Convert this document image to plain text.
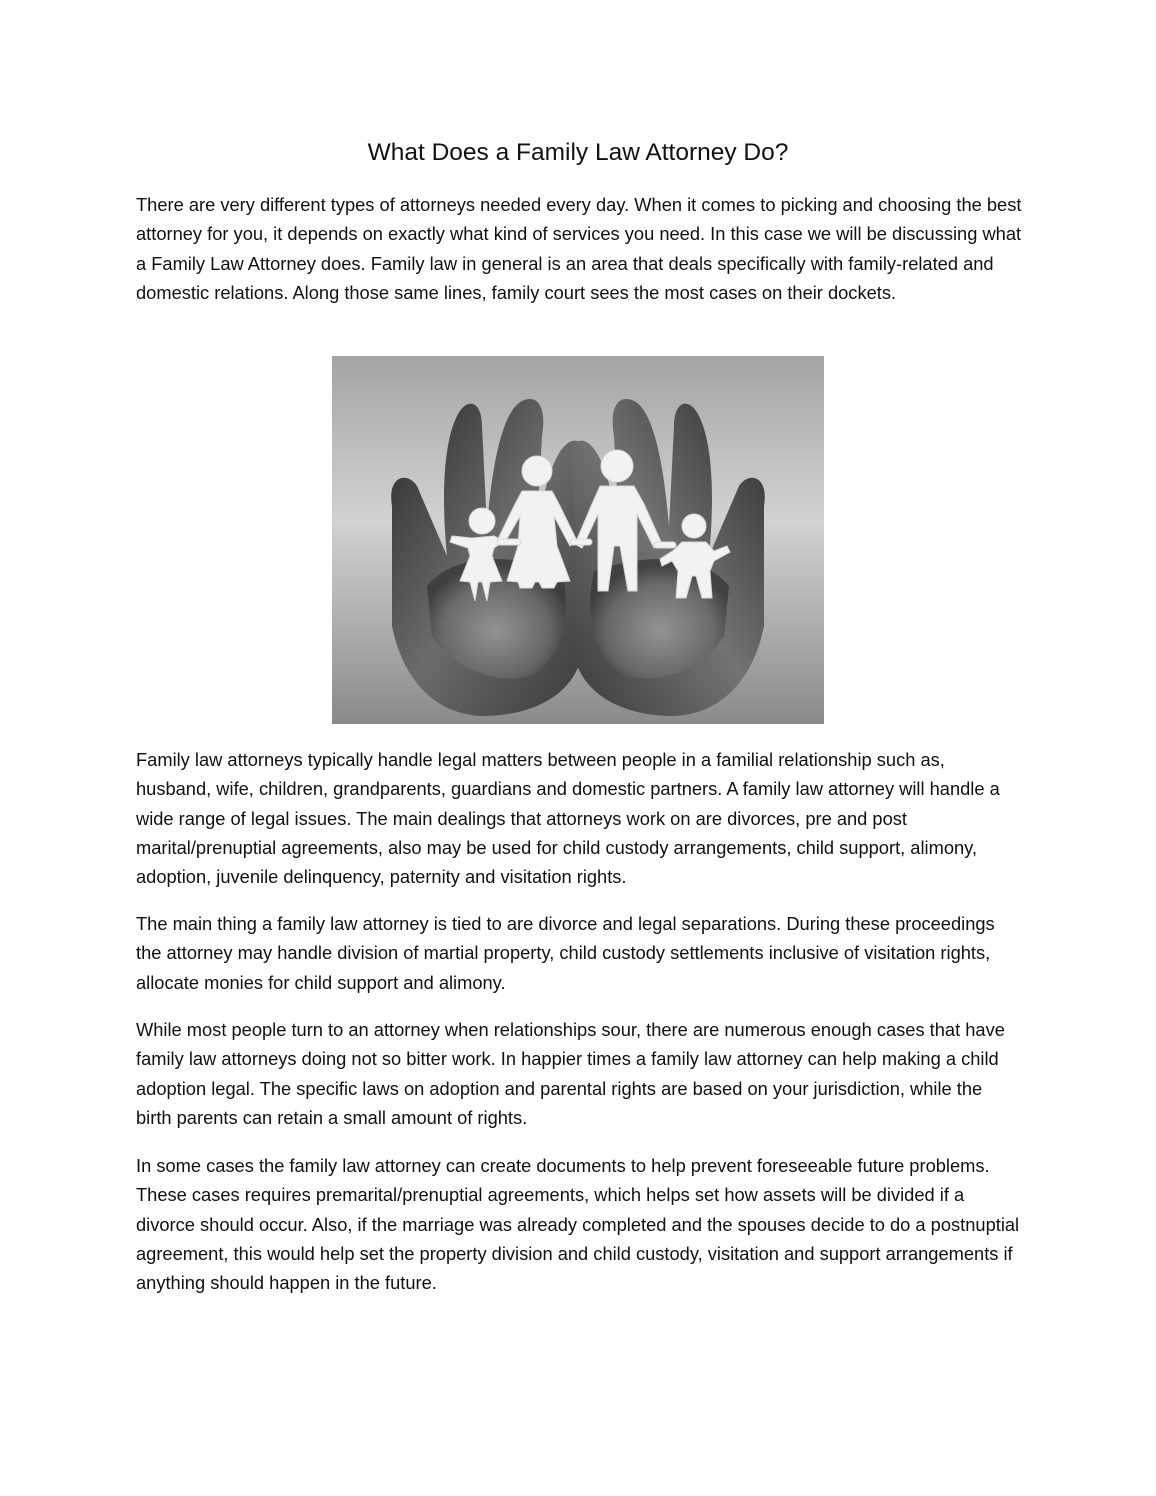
What Does a Family Law Attorney Do?

There are very different types of attorneys needed every day. When it comes to picking and choosing the best attorney for you, it depends on exactly what kind of services you need. In this case we will be discussing what a Family Law Attorney does. Family law in general is an area that deals specifically with family-related and domestic relations. Along those same lines, family court sees the most cases on their dockets.

Family law attorneys typically handle legal matters between people in a familial relationship such as, husband, wife, children, grandparents, guardians and domestic partners. A family law attorney will handle a wide range of legal issues. The main dealings that attorneys work on are divorces, pre and post marital/prenuptial agreements, also may be used for child custody arrangements, child support, alimony, adoption, juvenile delinquency, paternity and visitation rights.

The main thing a family law attorney is tied to are divorce and legal separations. During these proceedings the attorney may handle division of martial property, child custody settlements inclusive of visitation rights, allocate monies for child support and alimony.

While most people turn to an attorney when relationships sour, there are numerous enough cases that have family law attorneys doing not so bitter work. In happier times a family law attorney can help making a child adoption legal. The specific laws on adoption and parental rights are based on your jurisdiction, while the birth parents can retain a small amount of rights.

In some cases the family law attorney can create documents to help prevent foreseeable future problems. These cases requires premarital/prenuptial agreements, which helps set how assets will be divided if a divorce should occur. Also, if the marriage was already completed and the spouses decide to do a postnuptial agreement, this would help set the property division and child custody, visitation and support arrangements if anything should happen in the future.
